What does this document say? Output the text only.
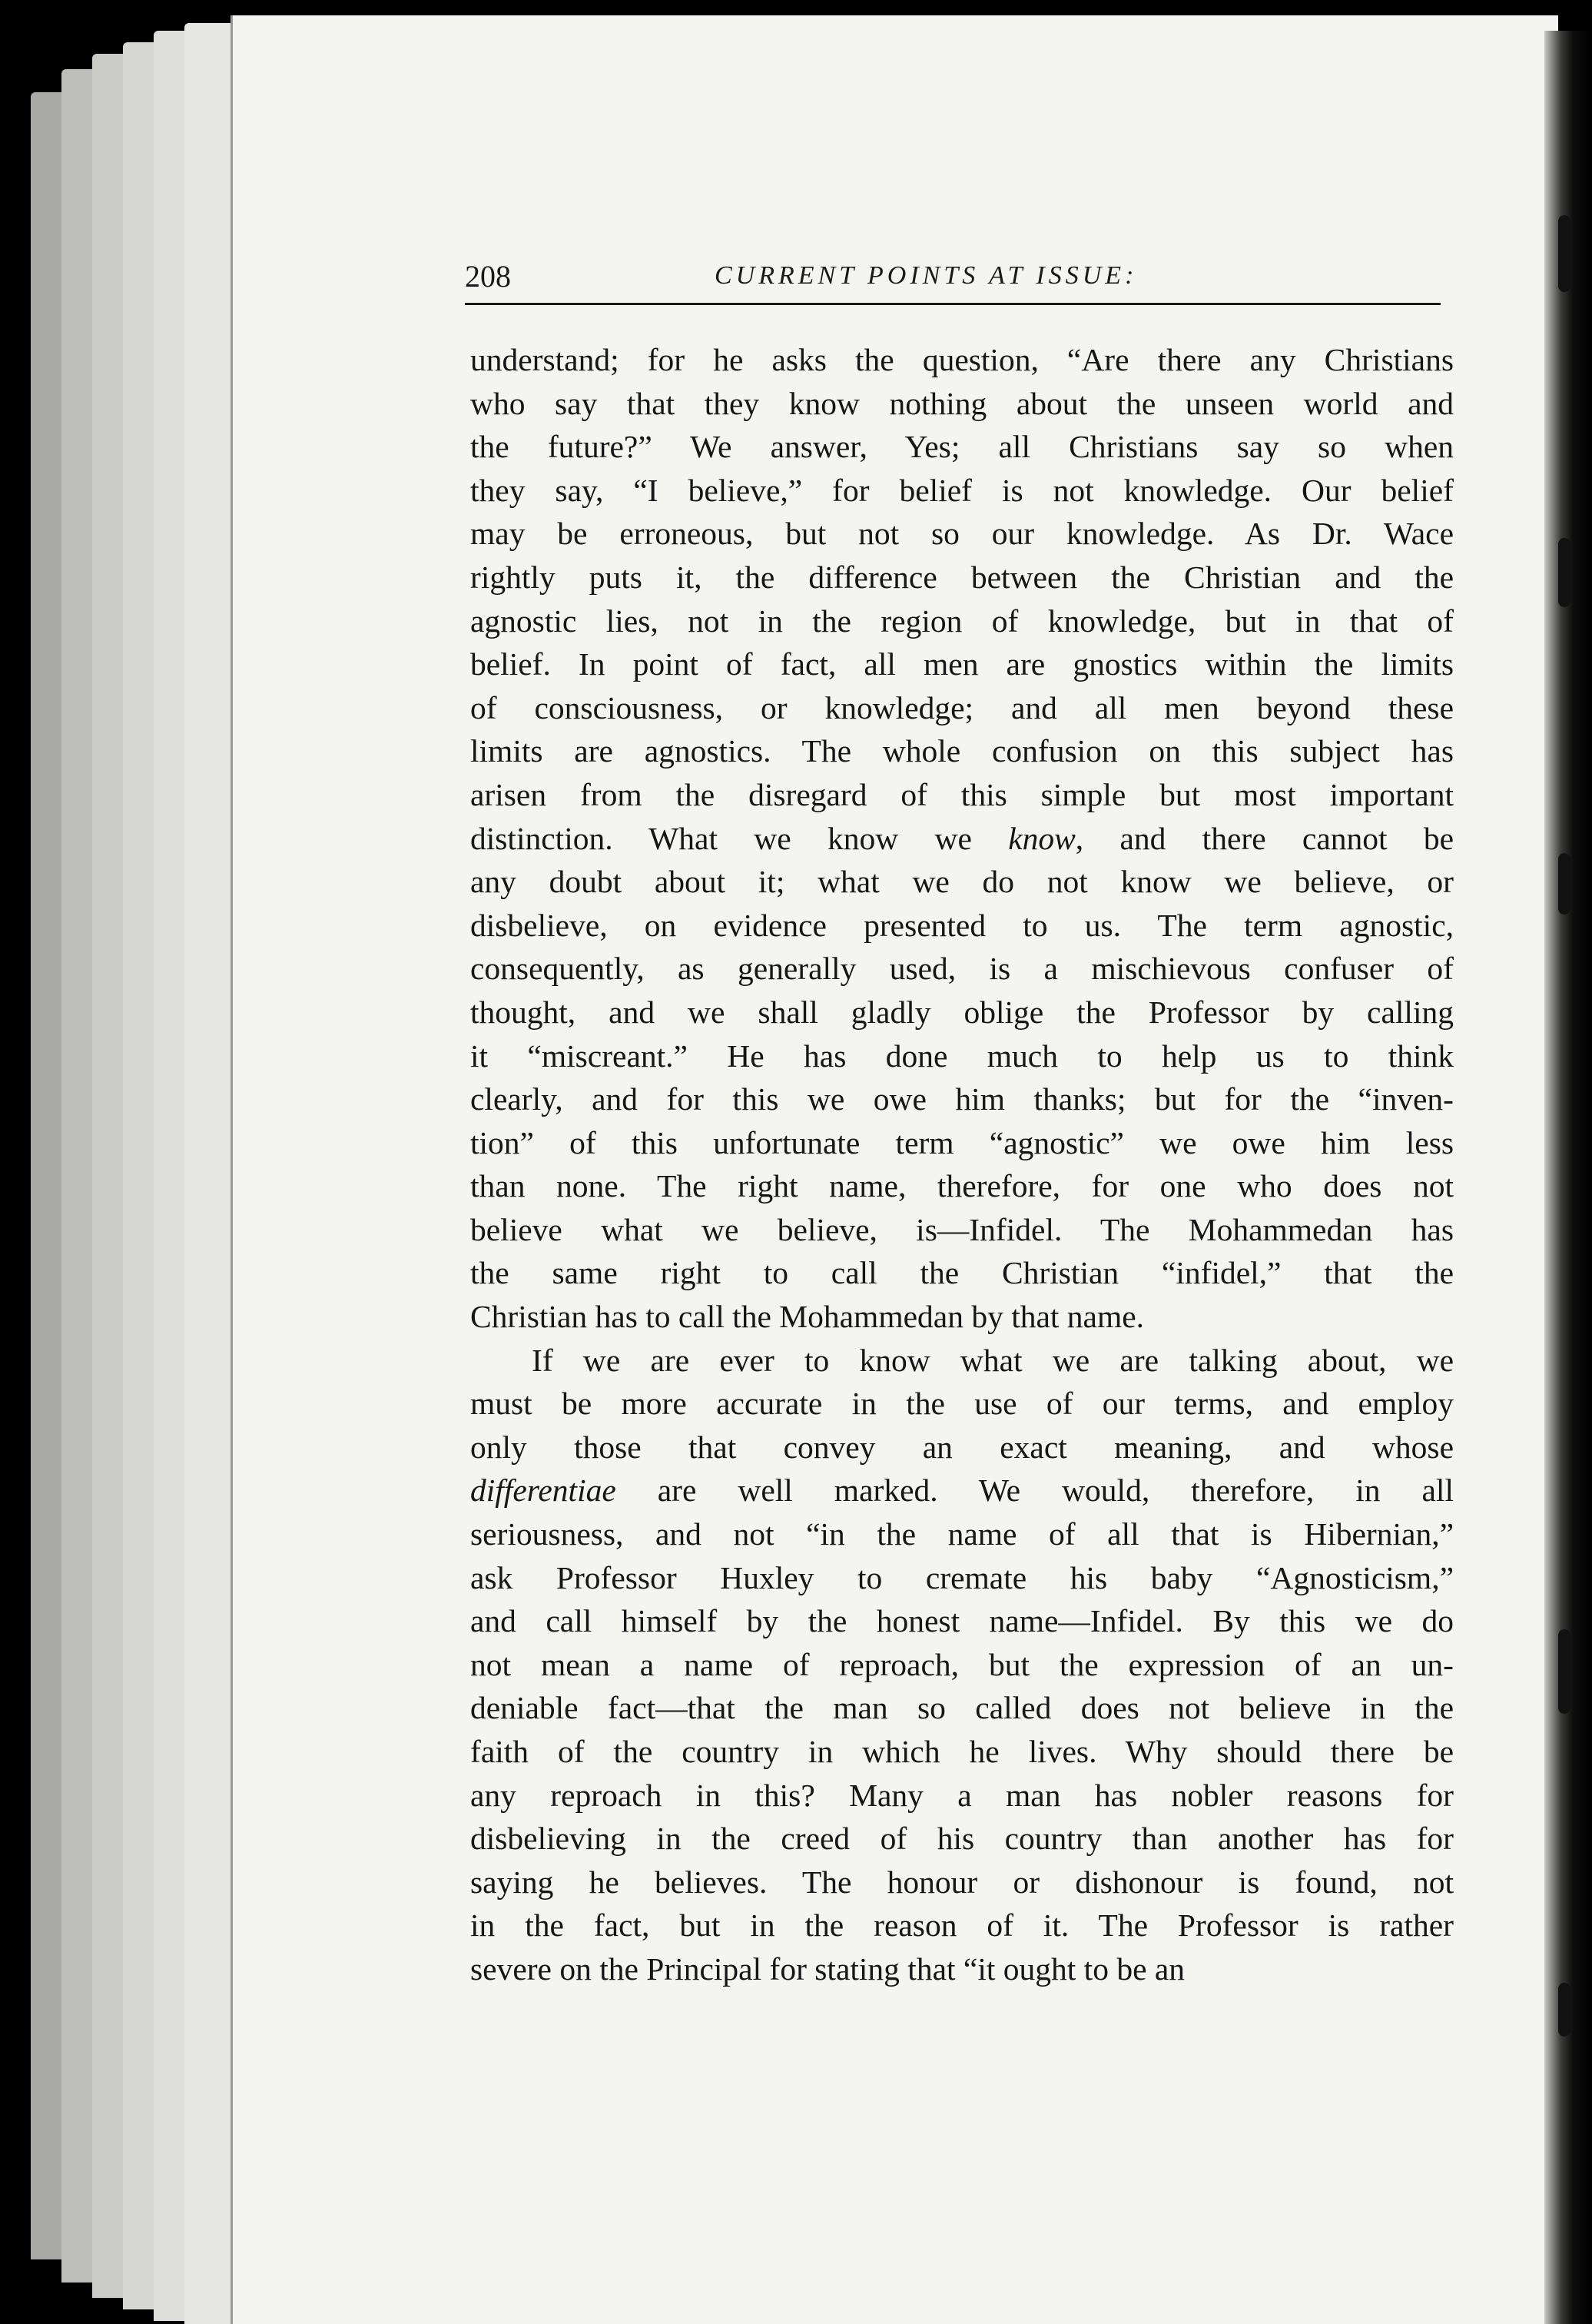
208	CURRENT POINTS AT ISSUE:
understand; for he asks the question, “Are there any Christians
who say that they know nothing about the unseen world and
the future?” We answer, Yes; all Christians say so when
they say, “I believe,” for belief is not knowledge. Our belief
may be erroneous, but not so our knowledge. As Dr. Wace
rightly puts it, the difference between the Christian and the
agnostic lies, not in the region of knowledge, but in that of
belief. In point of fact, all men are gnostics within the limits
of consciousness, or knowledge; and all men beyond these
limits are agnostics. The whole confusion on this subject has
arisen from the disregard of this simple but most important
distinction. What we know we know, and there cannot be
any doubt about it; what we do not know we believe, or
disbelieve, on evidence presented to us. The term agnostic,
consequently, as generally used, is a mischievous confuser of
thought, and we shall gladly oblige the Professor by calling
it “miscreant.” He has done much to help us to think
clearly, and for this we owe him thanks; but for the “inven-
tion” of this unfortunate term “agnostic” we owe him less
than none. The right name, therefore, for one who does not
believe what we believe, is—Infidel. The Mohammedan has
the same right to call the Christian “infidel,” that the
Christian has to call the Mohammedan by that name.
If we are ever to know what we are talking about, we
must be more accurate in the use of our terms, and employ
only those that convey an exact meaning, and whose
differentiae are well marked. We would, therefore, in all
seriousness, and not “in the name of all that is Hibernian,”
ask Professor Huxley to cremate his baby “Agnosticism,”
and call himself by the honest name—Infidel. By this we do
not mean a name of reproach, but the expression of an un-
deniable fact—that the man so called does not believe in the
faith of the country in which he lives. Why should there be
any reproach in this? Many a man has nobler reasons for
disbelieving in the creed of his country than another has for
saying he believes. The honour or dishonour is found, not
in the fact, but in the reason of it. The Professor is rather
severe on the Principal for stating that “it ought to be an
